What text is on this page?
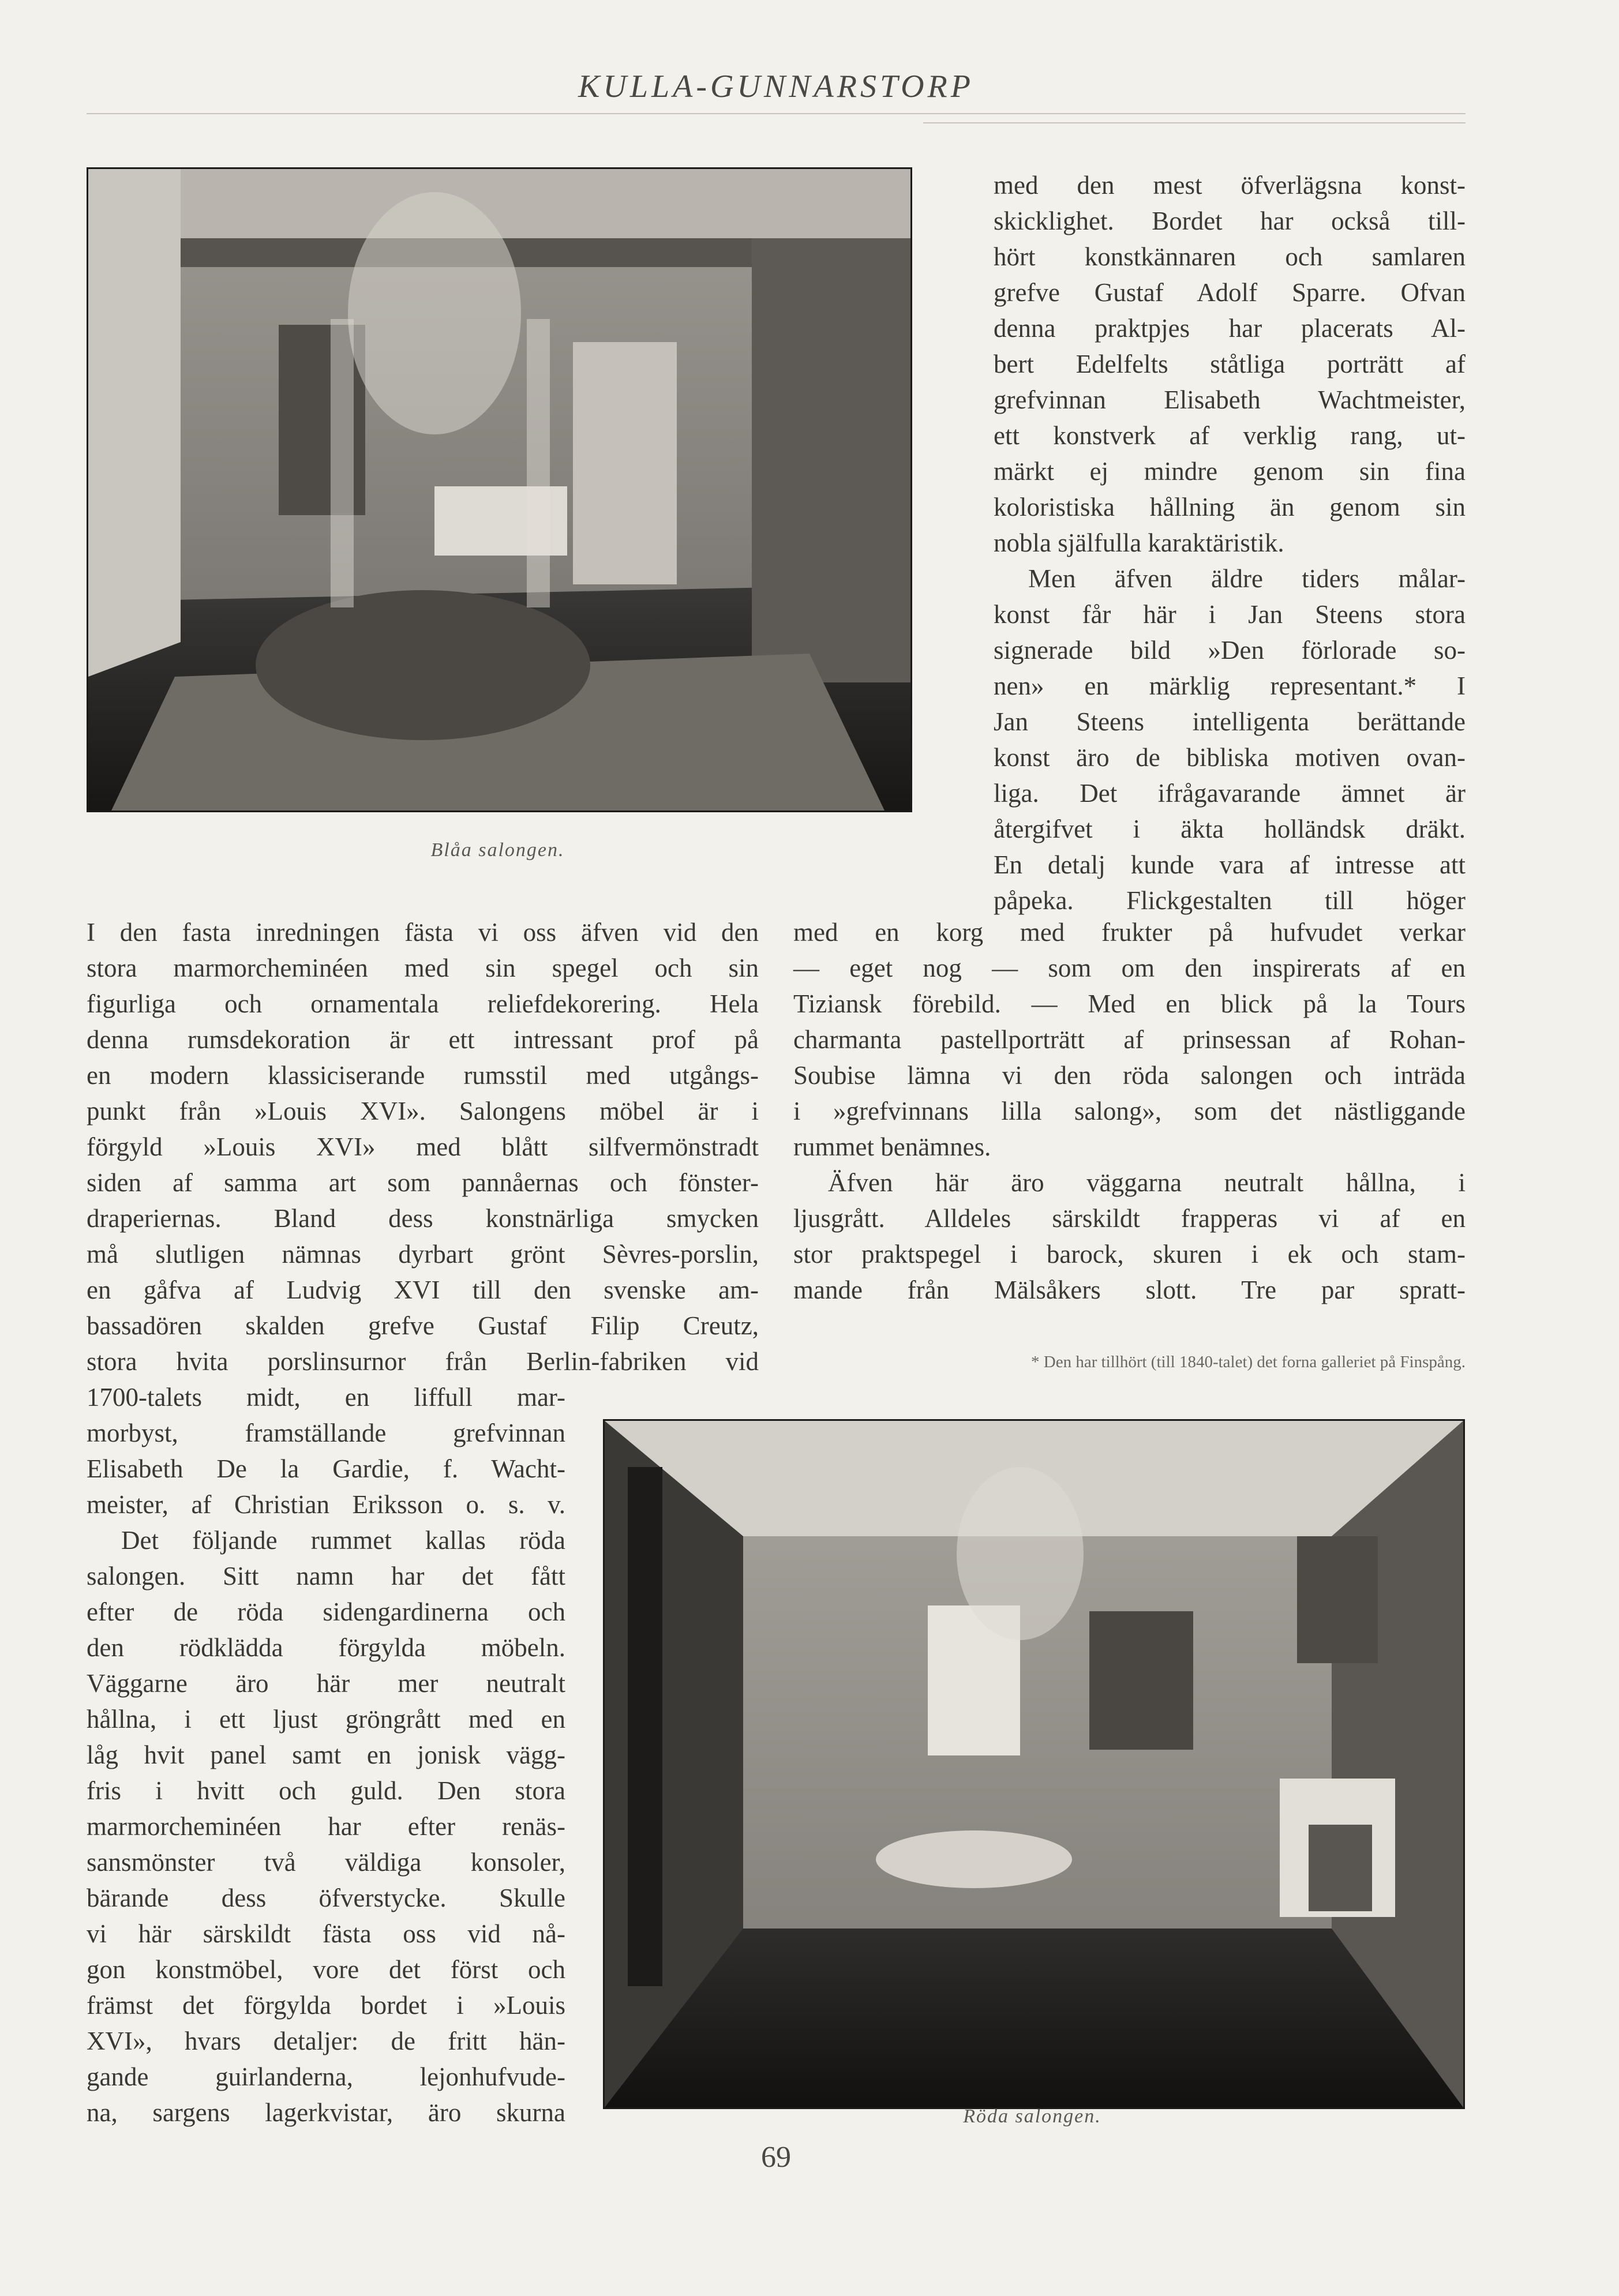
KULLA-GUNNARSTORP
Blåa salongen.
Röda salongen.
med den mest öfverlägsna konst-
skicklighet. Bordet har också till-
hört konstkännaren och samlaren
grefve Gustaf Adolf Sparre. Ofvan
denna praktpjes har placerats Al-
bert Edelfelts ståtliga porträtt af
grefvinnan Elisabeth Wachtmeister,
ett konstverk af verklig rang, ut-
märkt ej mindre genom sin fina
koloristiska hållning än genom sin
nobla själfulla karaktäristik.
Men äfven äldre tiders målar-
konst får här i Jan Steens stora
signerade bild »Den förlorade so-
nen» en märklig representant.* I
Jan Steens intelligenta berättande
konst äro de bibliska motiven ovan-
liga. Det ifrågavarande ämnet är
återgifvet i äkta holländsk dräkt.
En detalj kunde vara af intresse att
påpeka. Flickgestalten till höger
I den fasta inredningen fästa vi oss äfven vid den
stora marmorcheminéen med sin spegel och sin
figurliga och ornamentala reliefdekorering. Hela
denna rumsdekoration är ett intressant prof på
en modern klassiciserande rumsstil med utgångs-
punkt från »Louis XVI». Salongens möbel är i
förgyld »Louis XVI» med blått silfvermönstradt
siden af samma art som pannåernas och fönster-
draperiernas. Bland dess konstnärliga smycken
må slutligen nämnas dyrbart grönt Sèvres-porslin,
en gåfva af Ludvig XVI till den svenske am-
bassadören skalden grefve Gustaf Filip Creutz,
stora hvita porslinsurnor från Berlin-fabriken vid
1700-talets midt, en liffull mar-
morbyst, framställande grefvinnan
Elisabeth De la Gardie, f. Wacht-
meister, af Christian Eriksson o. s. v.
Det följande rummet kallas röda
salongen. Sitt namn har det fått
efter de röda sidengardinerna och
den rödklädda förgylda möbeln.
Väggarne äro här mer neutralt
hållna, i ett ljust gröngrått med en
låg hvit panel samt en jonisk vägg-
fris i hvitt och guld. Den stora
marmorcheminéen har efter renäs-
sansmönster två väldiga konsoler,
bärande dess öfverstycke. Skulle
vi här särskildt fästa oss vid nå-
gon konstmöbel, vore det först och
främst det förgylda bordet i »Louis
XVI», hvars detaljer: de fritt hän-
gande guirlanderna, lejonhufvude-
na, sargens lagerkvistar, äro skurna
med en korg med frukter på hufvudet verkar
— eget nog — som om den inspirerats af en
Tiziansk förebild. — Med en blick på la Tours
charmanta pastellporträtt af prinsessan af Rohan-
Soubise lämna vi den röda salongen och inträda
i »grefvinnans lilla salong», som det nästliggande
rummet benämnes.
Äfven här äro väggarna neutralt hållna, i
ljusgrått. Alldeles särskildt frapperas vi af en
stor praktspegel i barock, skuren i ek och stam-
mande från Mälsåkers slott. Tre par spratt-
* Den har tillhört (till 1840-talet) det forna galleriet på Finspång.
69
